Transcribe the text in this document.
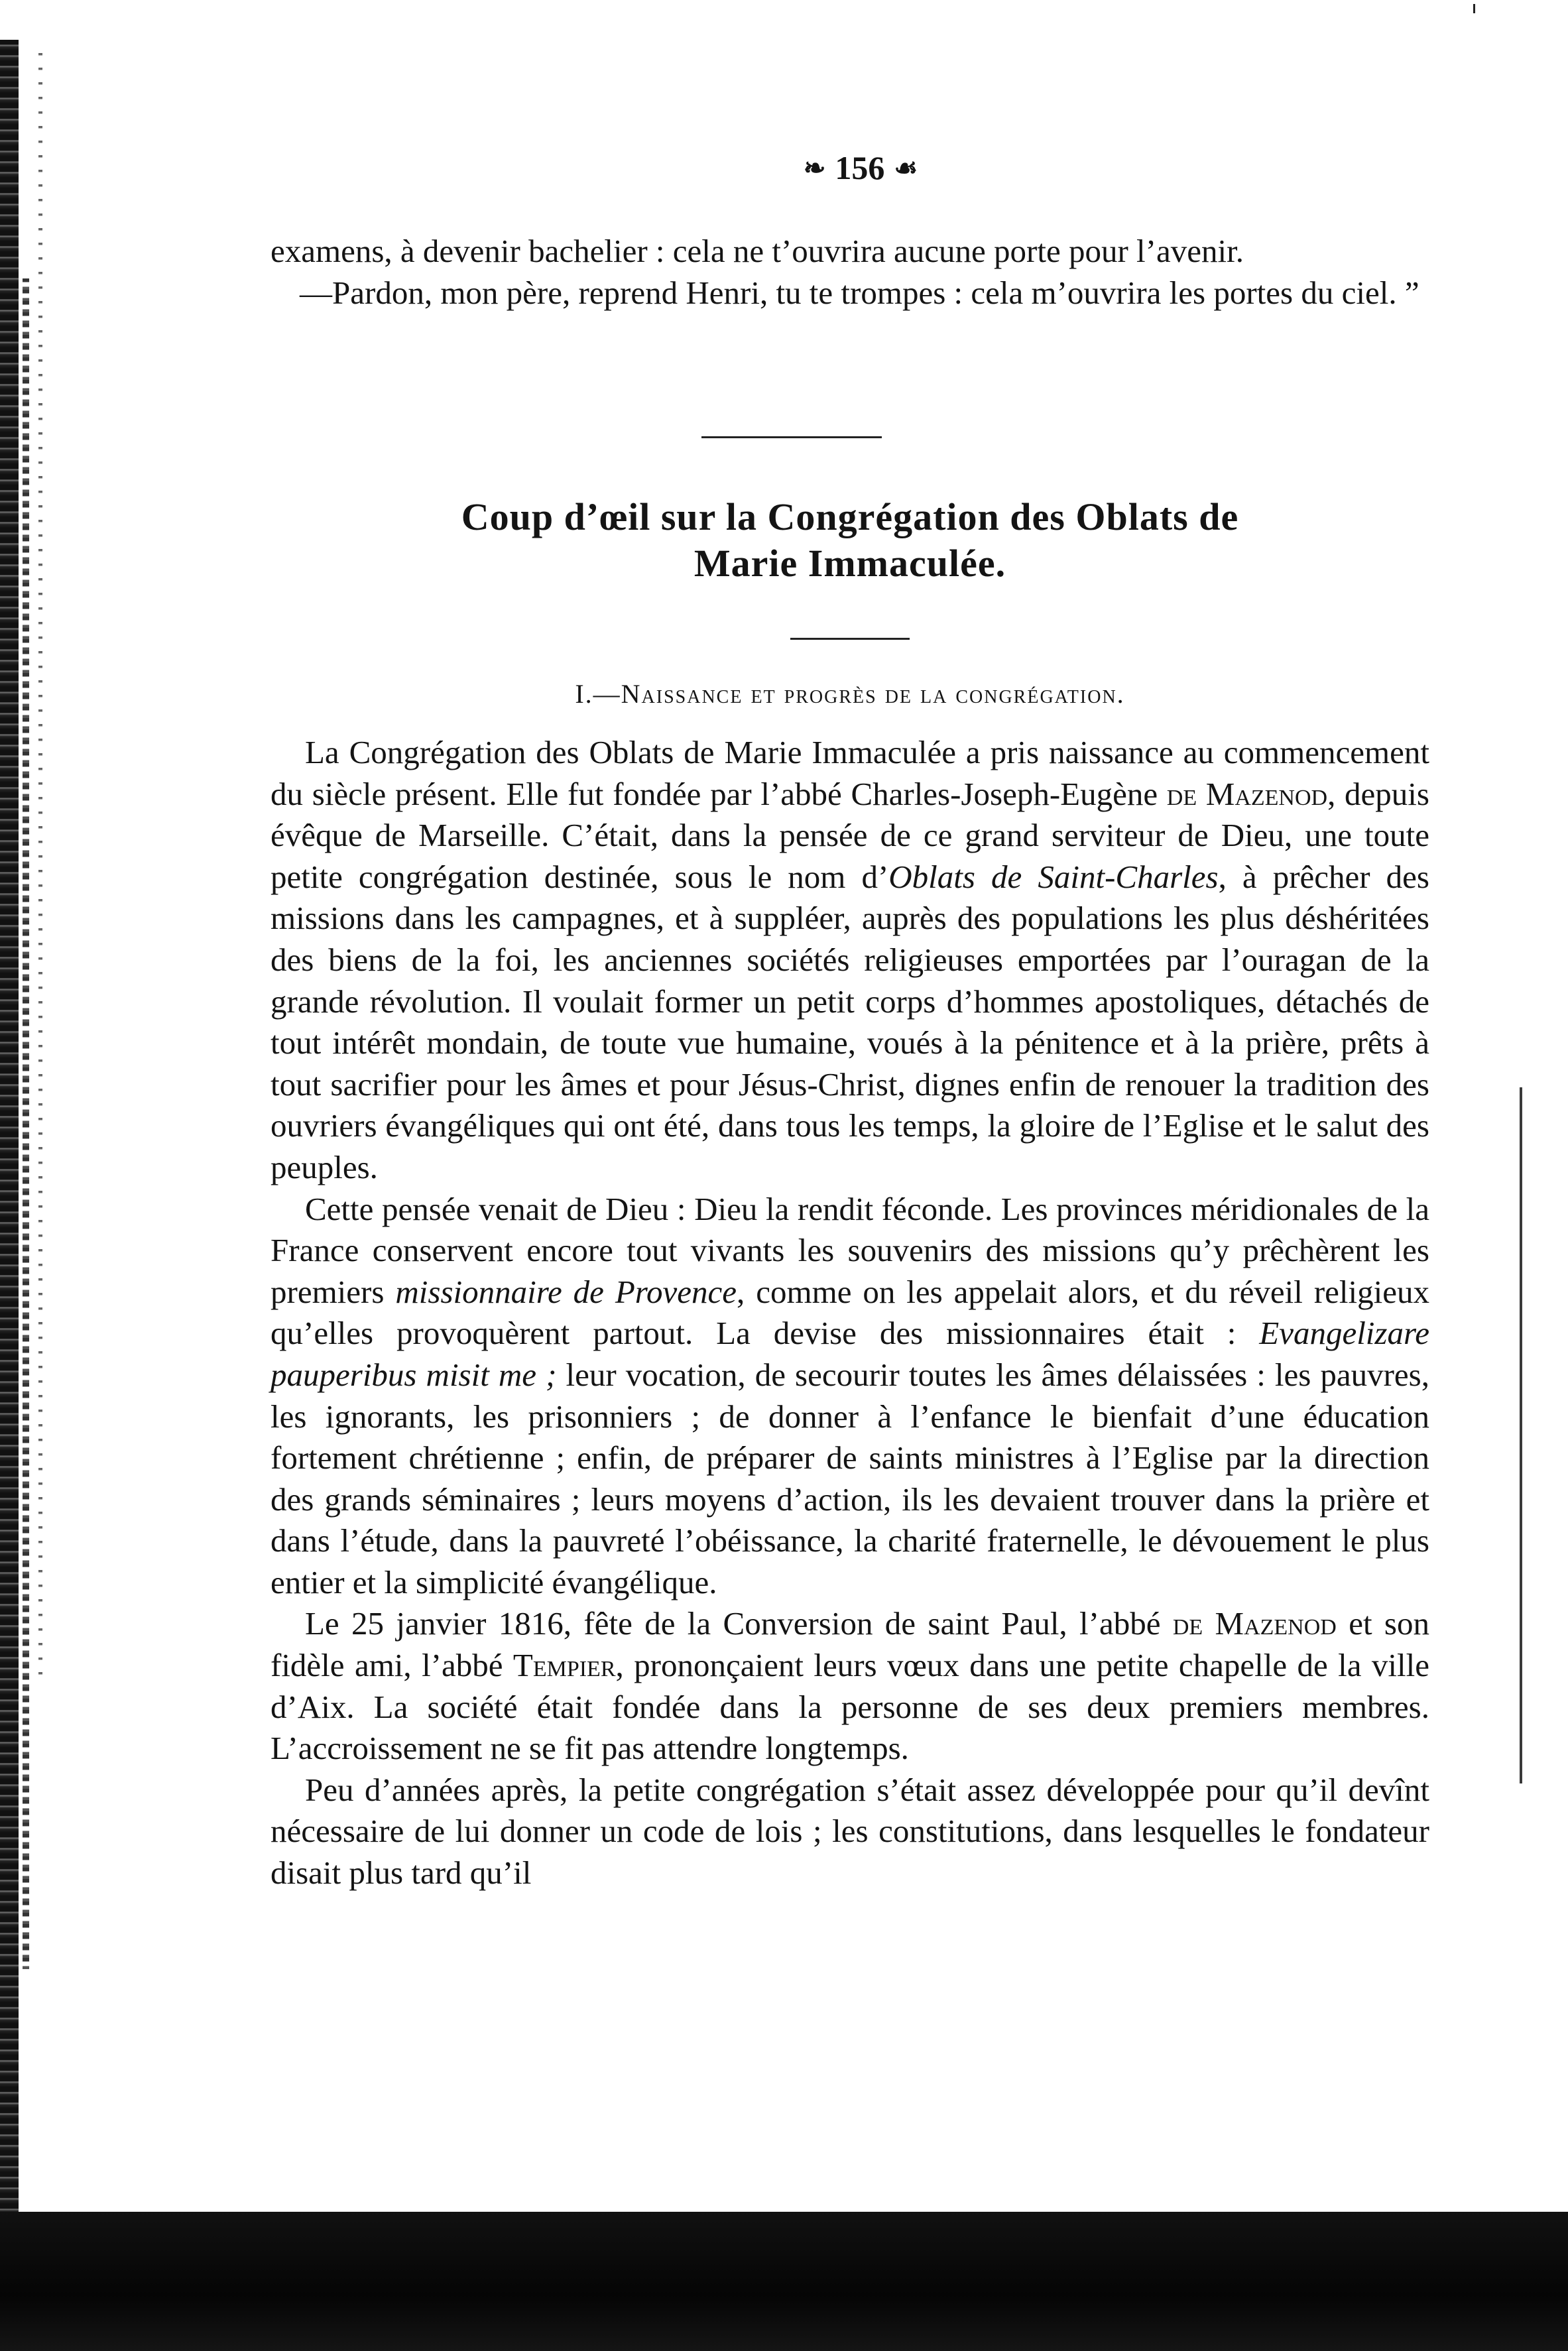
❧ 156 ☙

examens, à devenir bachelier : cela ne t’ouvrira aucune porte pour l’avenir.

—Pardon, mon père, reprend Henri, tu te trompes : cela m’ouvrira les portes du ciel. ”

Coup d’œil sur la Congrégation des Oblats de
Marie Immaculée.
I.—Naissance et progrès de la congrégation.

La Congrégation des Oblats de Marie Immaculée a pris naissance au commencement du siècle présent. Elle fut fondée par l’abbé Charles-Joseph-Eugène de Mazenod, depuis évêque de Marseille. C’était, dans la pensée de ce grand serviteur de Dieu, une toute petite congrégation destinée, sous le nom d’Oblats de Saint-Charles, à prêcher des missions dans les campagnes, et à suppléer, auprès des populations les plus déshéritées des biens de la foi, les anciennes sociétés religieuses emportées par l’ouragan de la grande révolution. Il voulait former un petit corps d’hommes apostoliques, détachés de tout intérêt mondain, de toute vue humaine, voués à la pénitence et à la prière, prêts à tout sacrifier pour les âmes et pour Jésus-Christ, dignes enfin de renouer la tradition des ouvriers évangéliques qui ont été, dans tous les temps, la gloire de l’Eglise et le salut des peuples.

Cette pensée venait de Dieu : Dieu la rendit féconde. Les provinces méridionales de la France conservent encore tout vivants les souvenirs des missions qu’y prêchèrent les premiers missionnaire de Provence, comme on les appelait alors, et du réveil religieux qu’elles provoquèrent partout. La devise des missionnaires était : Evangelizare pauperibus misit me ; leur vocation, de secourir toutes les âmes délaissées : les pauvres, les ignorants, les prisonniers ; de donner à l’enfance le bienfait d’une éducation fortement chrétienne ; enfin, de préparer de saints ministres à l’Eglise par la direction des grands séminaires ; leurs moyens d’action, ils les devaient trouver dans la prière et dans l’étude, dans la pauvreté l’obéissance, la charité fraternelle, le dévouement le plus entier et la simplicité évangélique.

Le 25 janvier 1816, fête de la Conversion de saint Paul, l’abbé de Mazenod et son fidèle ami, l’abbé Tempier, prononçaient leurs vœux dans une petite chapelle de la ville d’Aix. La société était fondée dans la personne de ses deux premiers membres. L’accroissement ne se fit pas attendre longtemps.

Peu d’années après, la petite congrégation s’était assez développée pour qu’il devînt nécessaire de lui donner un code de lois ; les constitutions, dans lesquelles le fondateur disait plus tard qu’il
